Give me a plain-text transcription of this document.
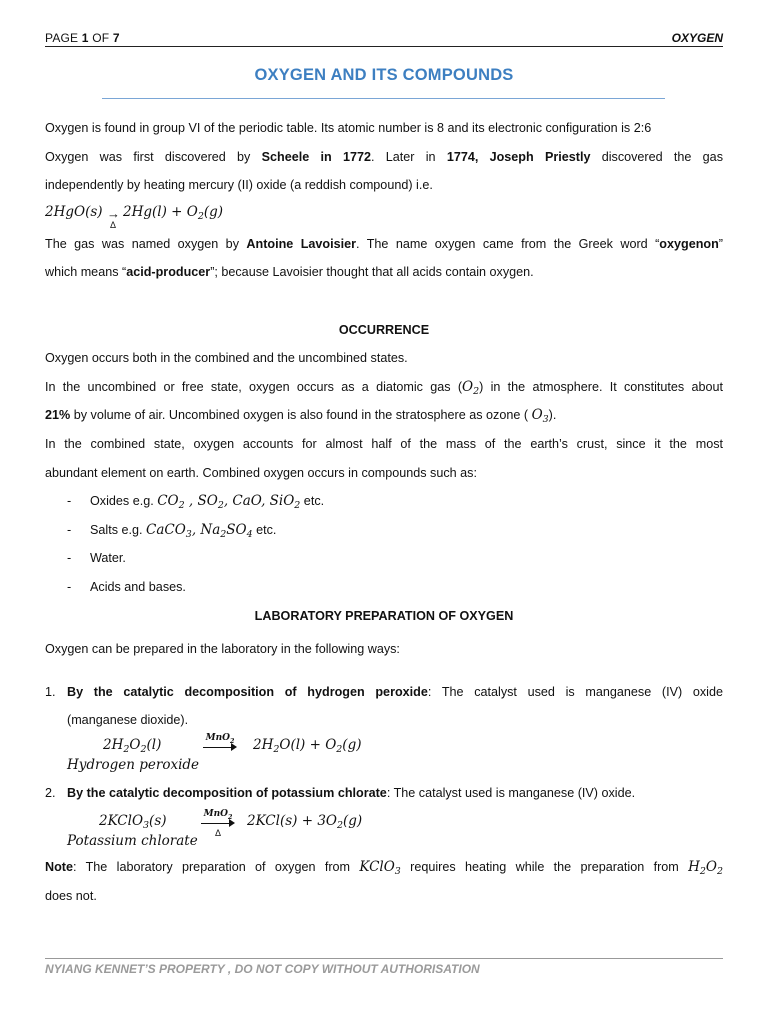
PAGE 1 OF 7	OXYGEN
OXYGEN AND ITS COMPOUNDS
Oxygen is found in group VI of the periodic table. Its atomic number is 8 and its electronic configuration is 2:6
Oxygen was first discovered by Scheele in 1772. Later in 1774, Joseph Priestly discovered the gas
independently by heating mercury (II) oxide (a reddish compound) i.e.
2HgO(s) →
Δ
$2Hg(l) + O_2(g)$
The gas was named oxygen by Antoine Lavoisier. The name oxygen came from the Greek word “oxygenon”
which means “acid-producer”; because Lavoisier thought that all acids contain oxygen.
OCCURRENCE
Oxygen occurs both in the combined and the uncombined states.
In the uncombined or free state, oxygen occurs as a diatomic gas $(O_2)$ in the atmosphere. It constitutes about
21% by volume of air. Uncombined oxygen is also found in the stratosphere as ozone ( $O_3$).
In the combined state, oxygen accounts for almost half of the mass of the earth’s crust, since it the most
abundant element on earth. Combined oxygen occurs in compounds such as:
- Oxides e.g. $CO_2$ , $SO_2$, CaO, SiO$_2$ etc.
- Salts e.g. CaCO$_3$, $Na_2SO_4$ etc.
- Water.
- Acids and bases.
LABORATORY PREPARATION OF OXYGEN
Oxygen can be prepared in the laboratory in the following ways:
1. By the catalytic decomposition of hydrogen peroxide: The catalyst used is manganese (IV) oxide
(manganese dioxide).
$2H_2O_2(l)$	MnO$_2$ $2H_2O(l) + O_2(g)$
Hydrogen peroxide
2. By the catalytic decomposition of potassium chlorate: The catalyst used is manganese (IV) oxide.
2KClO$_3$(s)	MnO$_2$
Δ
$2KCl(s) + 3O_2(g)$
Potassium chlorate
Note: The laboratory preparation of oxygen from KClO$_3$ requires heating while the preparation from $H_2O_2$
does not.
NYIANG KENNET’S PROPERTY , DO NOT COPY WITHOUT AUTHORISATION
